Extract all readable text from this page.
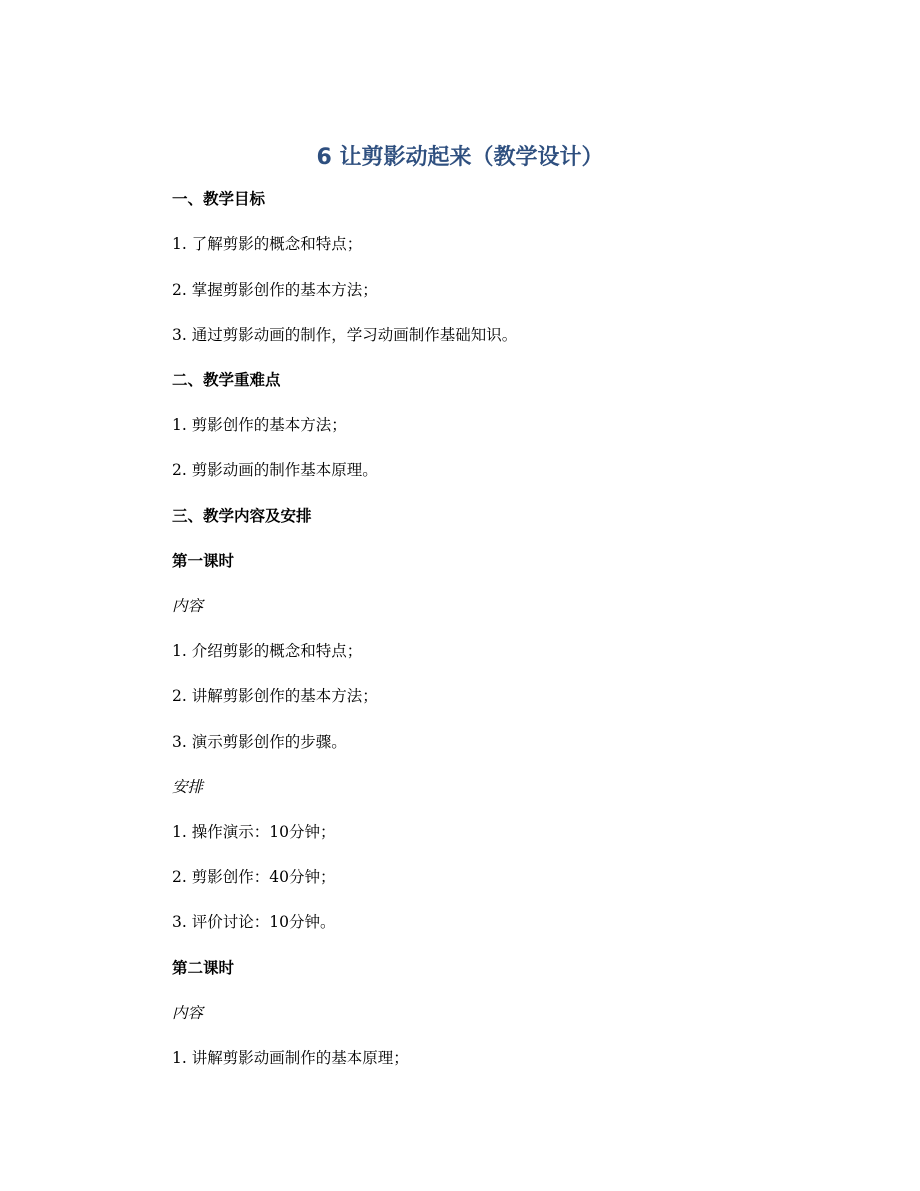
6 让剪影动起来（教学设计）

一、教学目标

1. 了解剪影的概念和特点；

2. 掌握剪影创作的基本方法；

3. 通过剪影动画的制作，学习动画制作基础知识。

二、教学重难点

1. 剪影创作的基本方法；

2. 剪影动画的制作基本原理。

三、教学内容及安排

第一课时

内容

1. 介绍剪影的概念和特点；

2. 讲解剪影创作的基本方法；

3. 演示剪影创作的步骤。

安排

1. 操作演示：10分钟；

2. 剪影创作：40分钟；

3. 评价讨论：10分钟。

第二课时

内容

1. 讲解剪影动画制作的基本原理；
